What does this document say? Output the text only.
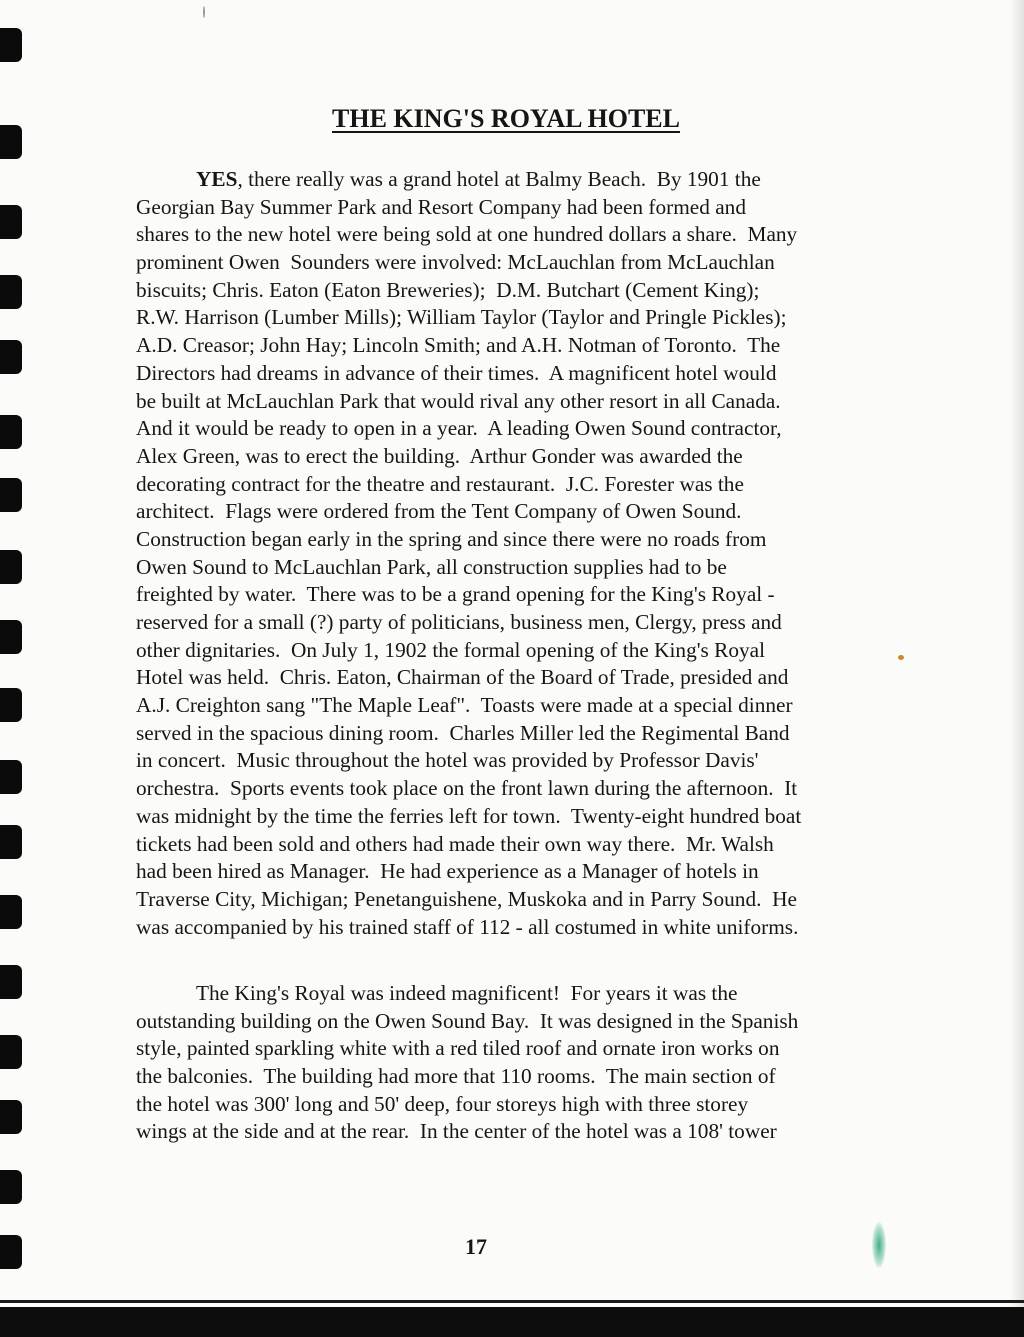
THE KING'S ROYAL HOTEL
YES, there really was a grand hotel at Balmy Beach.  By 1901 the
Georgian Bay Summer Park and Resort Company had been formed and
shares to the new hotel were being sold at one hundred dollars a share.  Many
prominent Owen  Sounders were involved: McLauchlan from McLauchlan
biscuits; Chris. Eaton (Eaton Breweries);  D.M. Butchart (Cement King);
R.W. Harrison (Lumber Mills); William Taylor (Taylor and Pringle Pickles);
A.D. Creasor; John Hay; Lincoln Smith; and A.H. Notman of Toronto.  The
Directors had dreams in advance of their times.  A magnificent hotel would
be built at McLauchlan Park that would rival any other resort in all Canada.
And it would be ready to open in a year.  A leading Owen Sound contractor,
Alex Green, was to erect the building.  Arthur Gonder was awarded the
decorating contract for the theatre and restaurant.  J.C. Forester was the
architect.  Flags were ordered from the Tent Company of Owen Sound.
Construction began early in the spring and since there were no roads from
Owen Sound to McLauchlan Park, all construction supplies had to be
freighted by water.  There was to be a grand opening for the King's Royal -
reserved for a small (?) party of politicians, business men, Clergy, press and
other dignitaries.  On July 1, 1902 the formal opening of the King's Royal
Hotel was held.  Chris. Eaton, Chairman of the Board of Trade, presided and
A.J. Creighton sang "The Maple Leaf".  Toasts were made at a special dinner
served in the spacious dining room.  Charles Miller led the Regimental Band
in concert.  Music throughout the hotel was provided by Professor Davis'
orchestra.  Sports events took place on the front lawn during the afternoon.  It
was midnight by the time the ferries left for town.  Twenty-eight hundred boat
tickets had been sold and others had made their own way there.  Mr. Walsh
had been hired as Manager.  He had experience as a Manager of hotels in
Traverse City, Michigan; Penetanguishene, Muskoka and in Parry Sound.  He
was accompanied by his trained staff of 112 - all costumed in white uniforms.
The King's Royal was indeed magnificent!  For years it was the
outstanding building on the Owen Sound Bay.  It was designed in the Spanish
style, painted sparkling white with a red tiled roof and ornate iron works on
the balconies.  The building had more that 110 rooms.  The main section of
the hotel was 300' long and 50' deep, four storeys high with three storey
wings at the side and at the rear.  In the center of the hotel was a 108' tower
17
